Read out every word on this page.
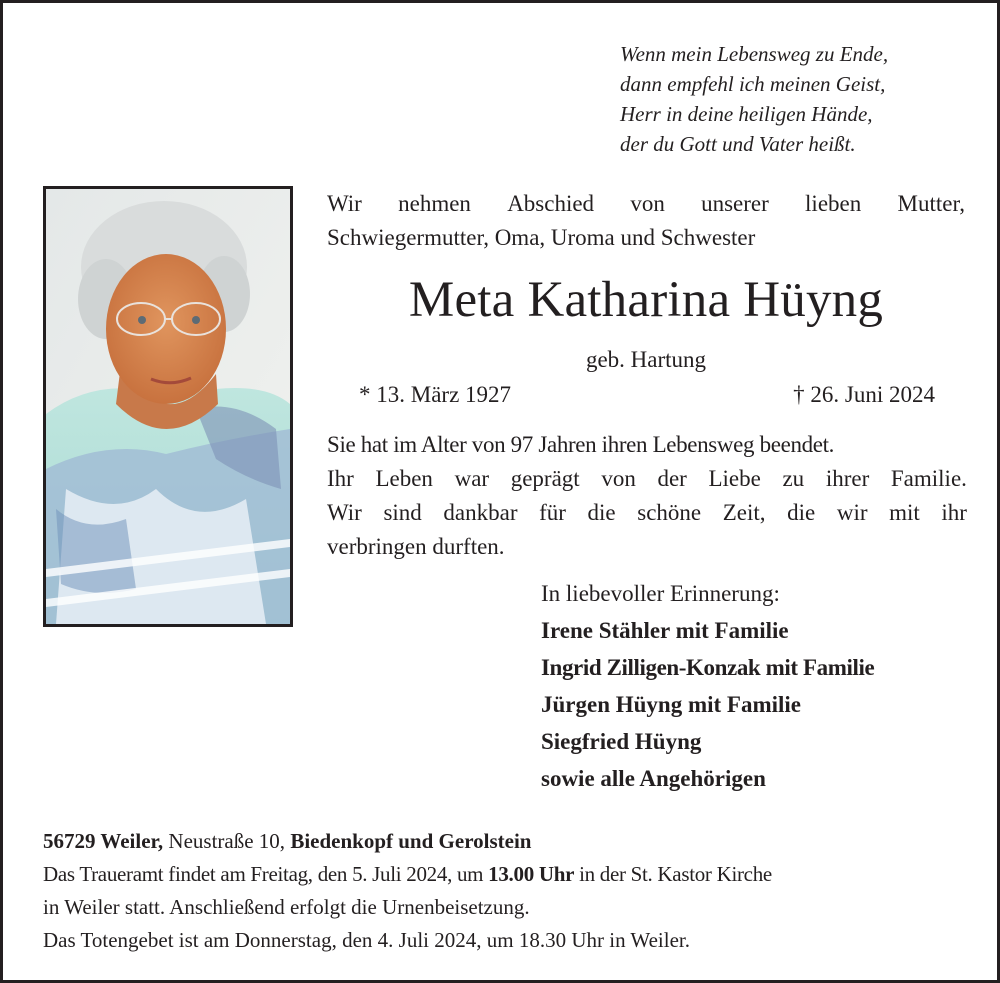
Wenn mein Lebensweg zu Ende,
dann empfehl ich meinen Geist,
Herr in deine heiligen Hände,
der du Gott und Vater heißt.
Wir nehmen Abschied von unserer lieben Mutter,
Schwiegermutter, Oma, Uroma und Schwester
Meta Katharina Hüyng
geb. Hartung
* 13. März 1927	† 26. Juni 2024
Sie hat im Alter von 97 Jahren ihren Lebensweg beendet.
Ihr Leben war geprägt von der Liebe zu ihrer Familie.
Wir sind dankbar für die schöne Zeit, die wir mit ihr
verbringen durften.
In liebevoller Erinnerung:
Irene Stähler mit Familie
Ingrid Zilligen-Konzak mit Familie
Jürgen Hüyng mit Familie
Siegfried Hüyng
sowie alle Angehörigen
56729 Weiler, Neustraße 10, Biedenkopf und Gerolstein
Das Traueramt findet am Freitag, den 5. Juli 2024, um 13.00 Uhr in der St. Kastor Kirche
in Weiler statt. Anschließend erfolgt die Urnenbeisetzung.
Das Totengebet ist am Donnerstag, den 4. Juli 2024, um 18.30 Uhr in Weiler.
